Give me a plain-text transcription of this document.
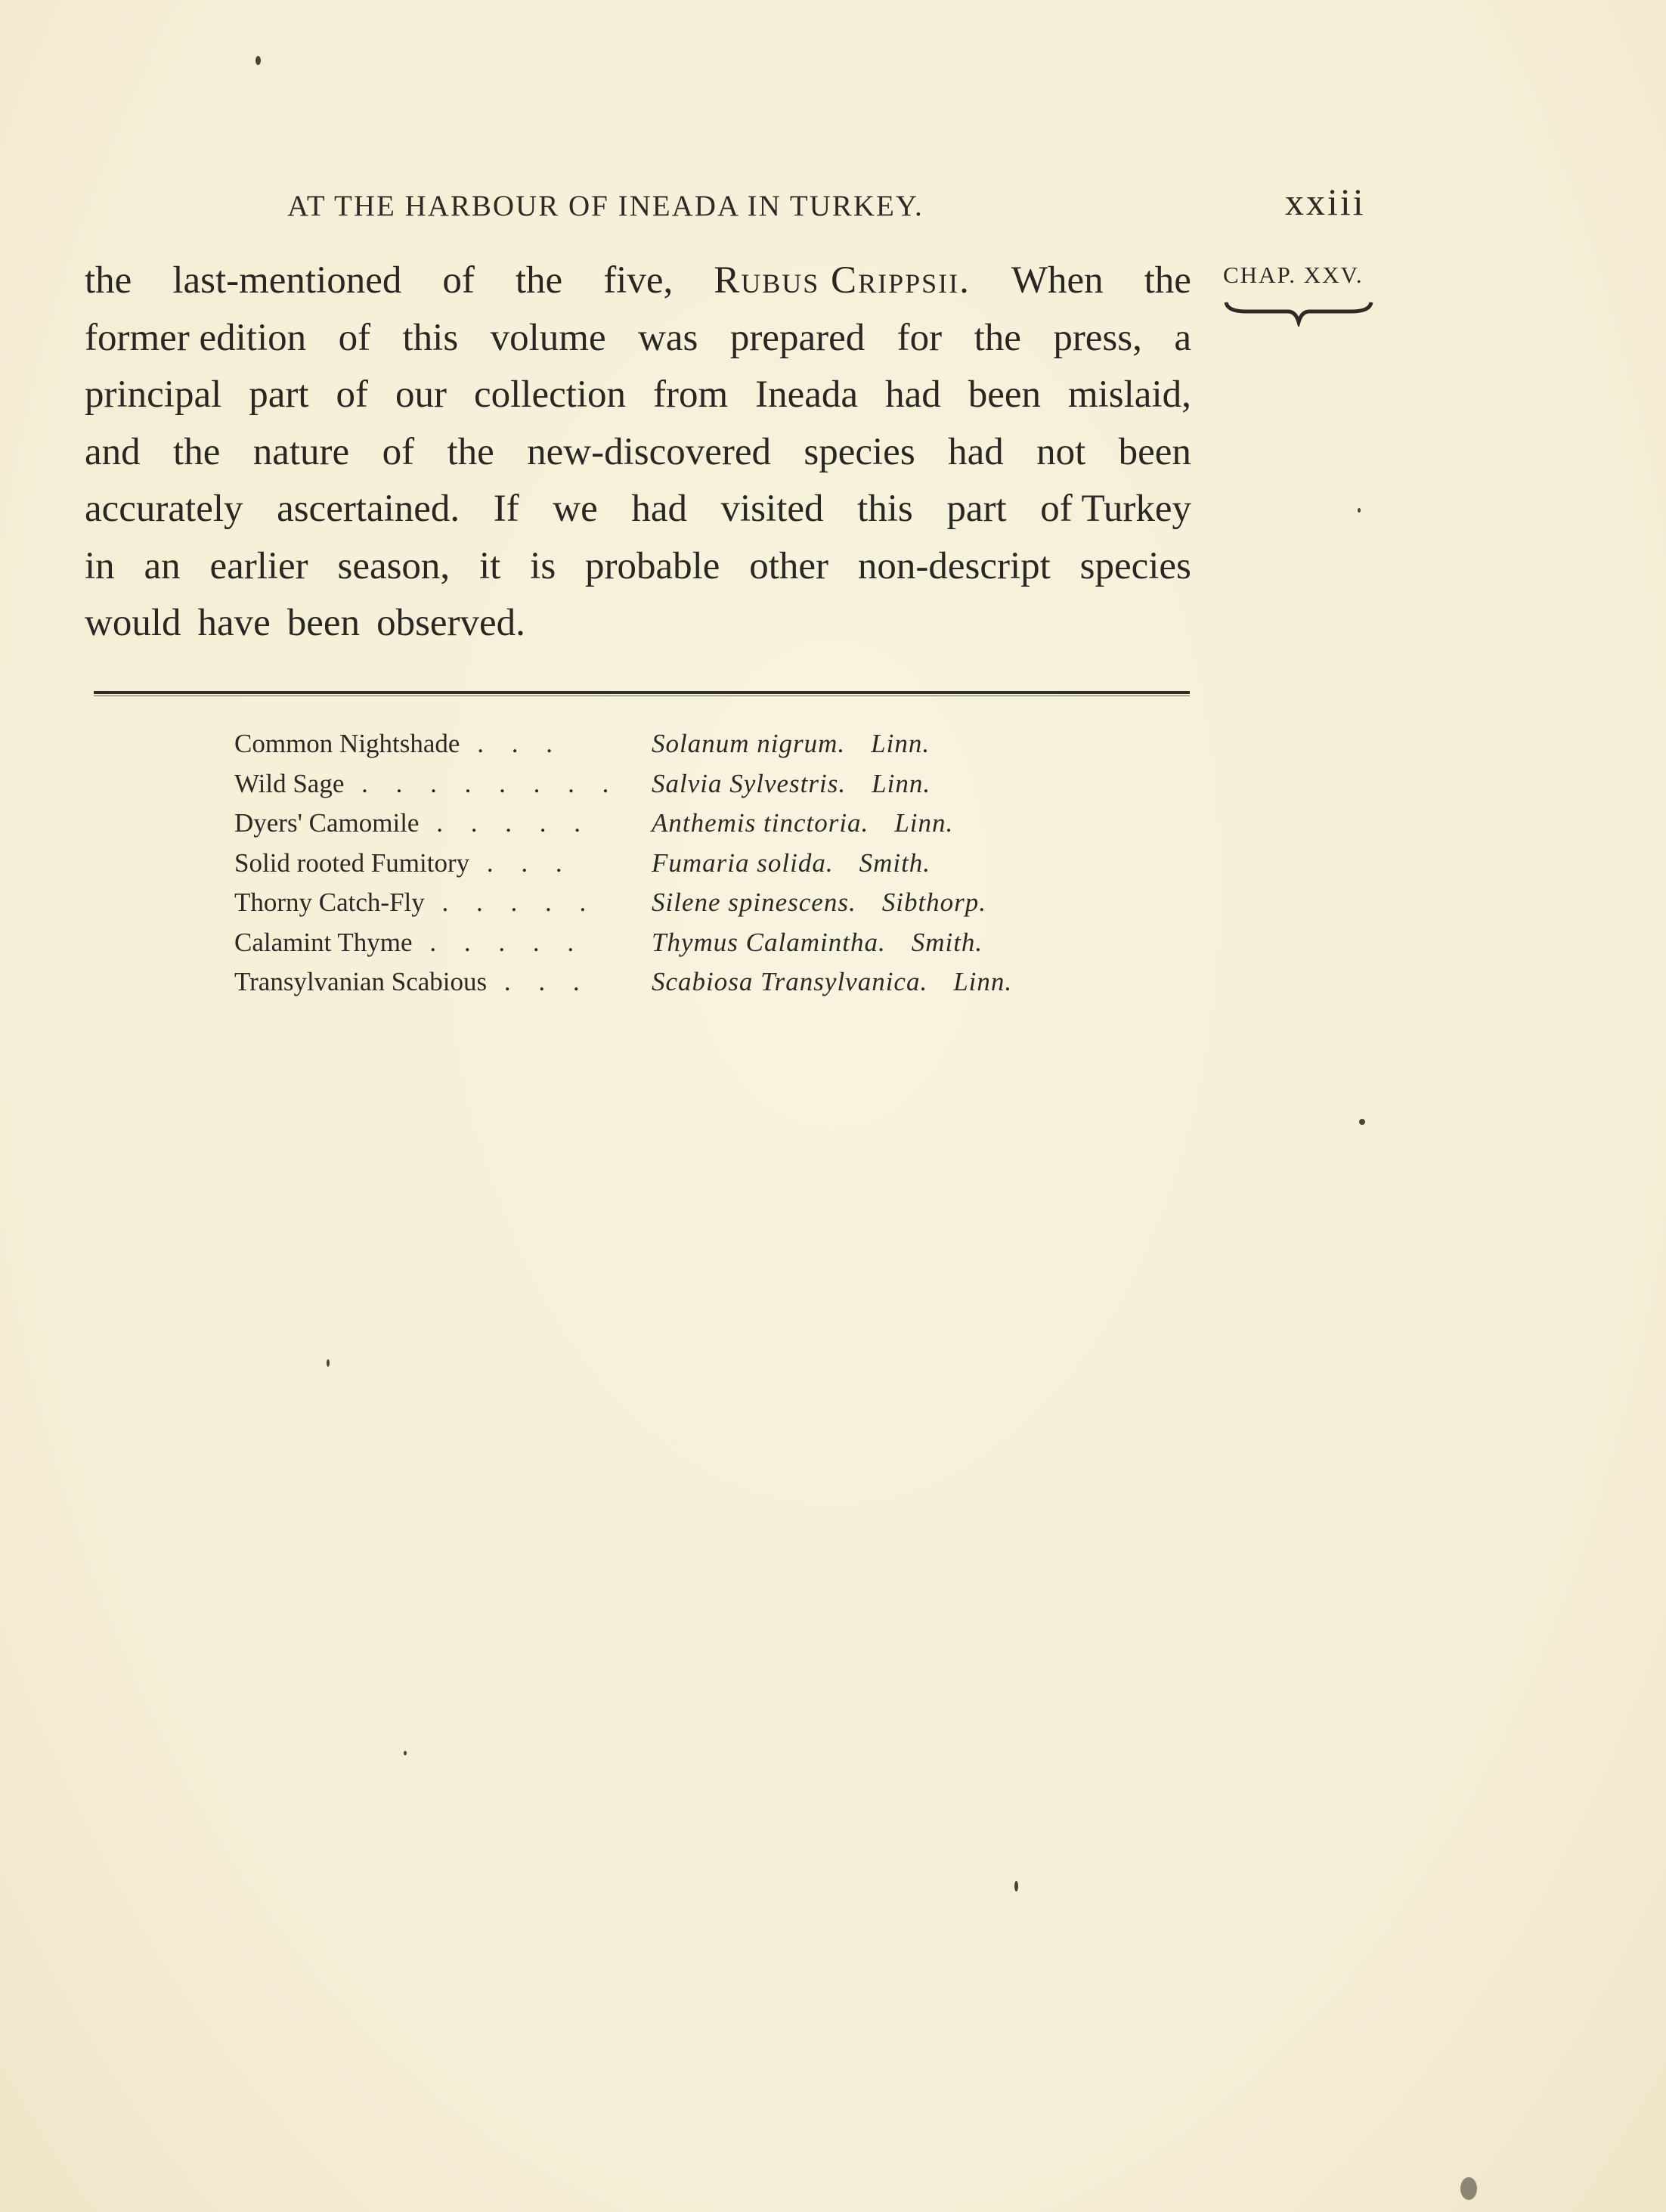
AT THE HARBOUR OF INEADA IN TURKEY.	xxiii
CHAP. XXV.
the last-mentioned of the five, Rubus Crippsii. When the
former edition of this volume was prepared for the press, a
principal part of our collection from Ineada had been mislaid,
and the nature of the new-discovered species had not been
accurately ascertained. If we had visited this part of Turkey
in an earlier season, it is probable other non-descript species
would have been observed.
Common Nightshade . . .	Solanum nigrum. Linn.
Wild Sage . . . . . . . .	Salvia Sylvestris. Linn.
Dyers' Camomile . . . . .	Anthemis tinctoria. Linn.
Solid rooted Fumitory . . .	Fumaria solida. Smith.
Thorny Catch-Fly . . . . .	Silene spinescens. Sibthorp.
Calamint Thyme . . . . .	Thymus Calamintha. Smith.
Transylvanian Scabious . . .	Scabiosa Transylvanica. Linn.
